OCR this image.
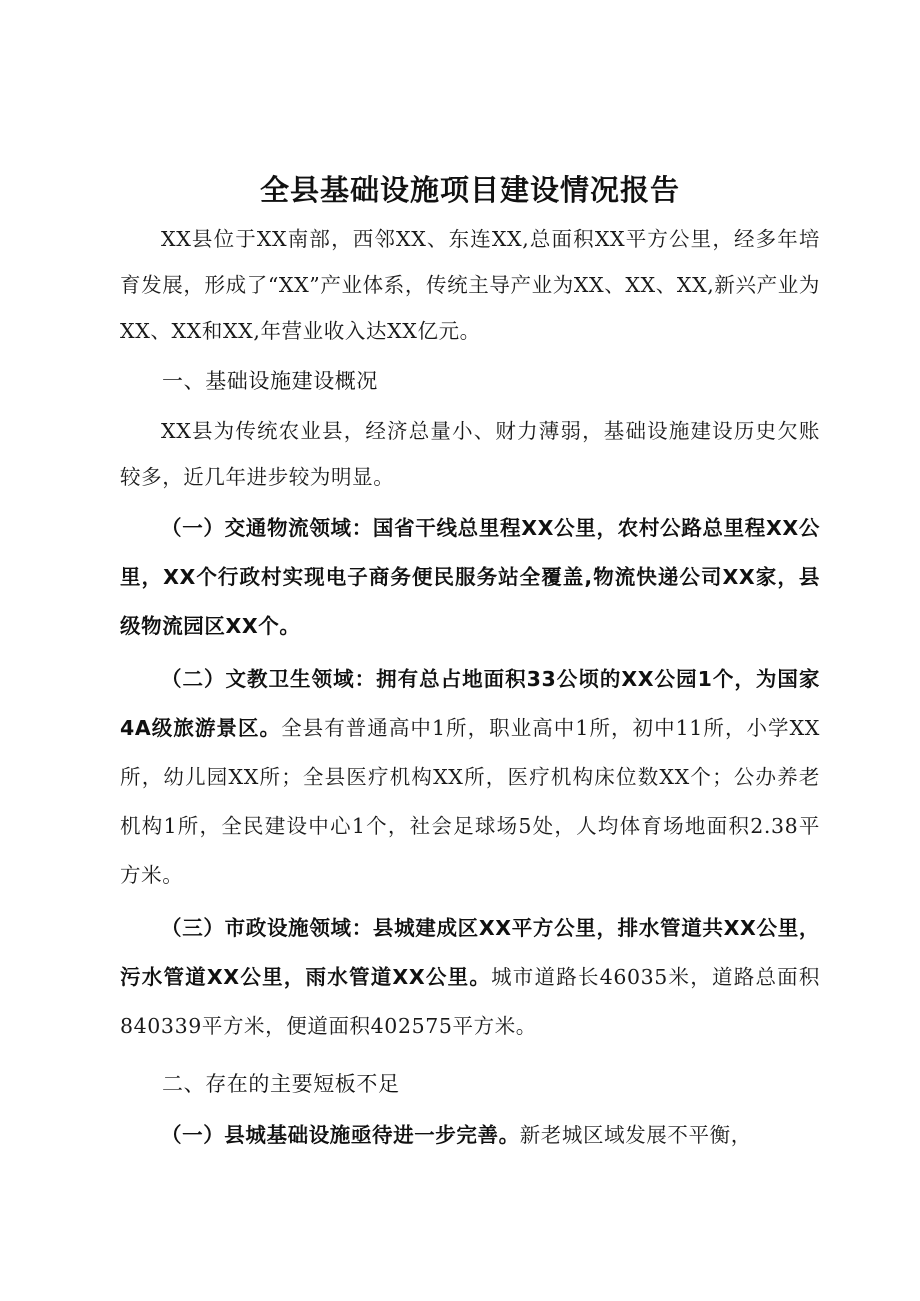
全县基础设施项目建设情况报告

XX县位于XX南部，西邻XX、东连XX,总面积XX平方公里，经多年培育发展，形成了“XX”产业体系，传统主导产业为XX、XX、XX,新兴产业为XX、XX和XX,年营业收入达XX亿元。

一、基础设施建设概况

XX县为传统农业县，经济总量小、财力薄弱，基础设施建设历史欠账较多，近几年进步较为明显。

（一）交通物流领域：国省干线总里程XX公里，农村公路总里程XX公里，XX个行政村实现电子商务便民服务站全覆盖,物流快递公司XX家，县级物流园区XX个。

（二）文教卫生领域：拥有总占地面积33公顷的XX公园1个，为国家4A级旅游景区。全县有普通高中1所，职业高中1所，初中11所，小学XX所，幼儿园XX所；全县医疗机构XX所，医疗机构床位数XX个；公办养老机构1所，全民建设中心1个，社会足球场5处，人均体育场地面积2.38平方米。

（三）市政设施领域：县城建成区XX平方公里，排水管道共XX公里，污水管道XX公里，雨水管道XX公里。城市道路长46035米，道路总面积840339平方米，便道面积402575平方米。

二、存在的主要短板不足

（一）县城基础设施亟待进一步完善。新老城区域发展不平衡，
